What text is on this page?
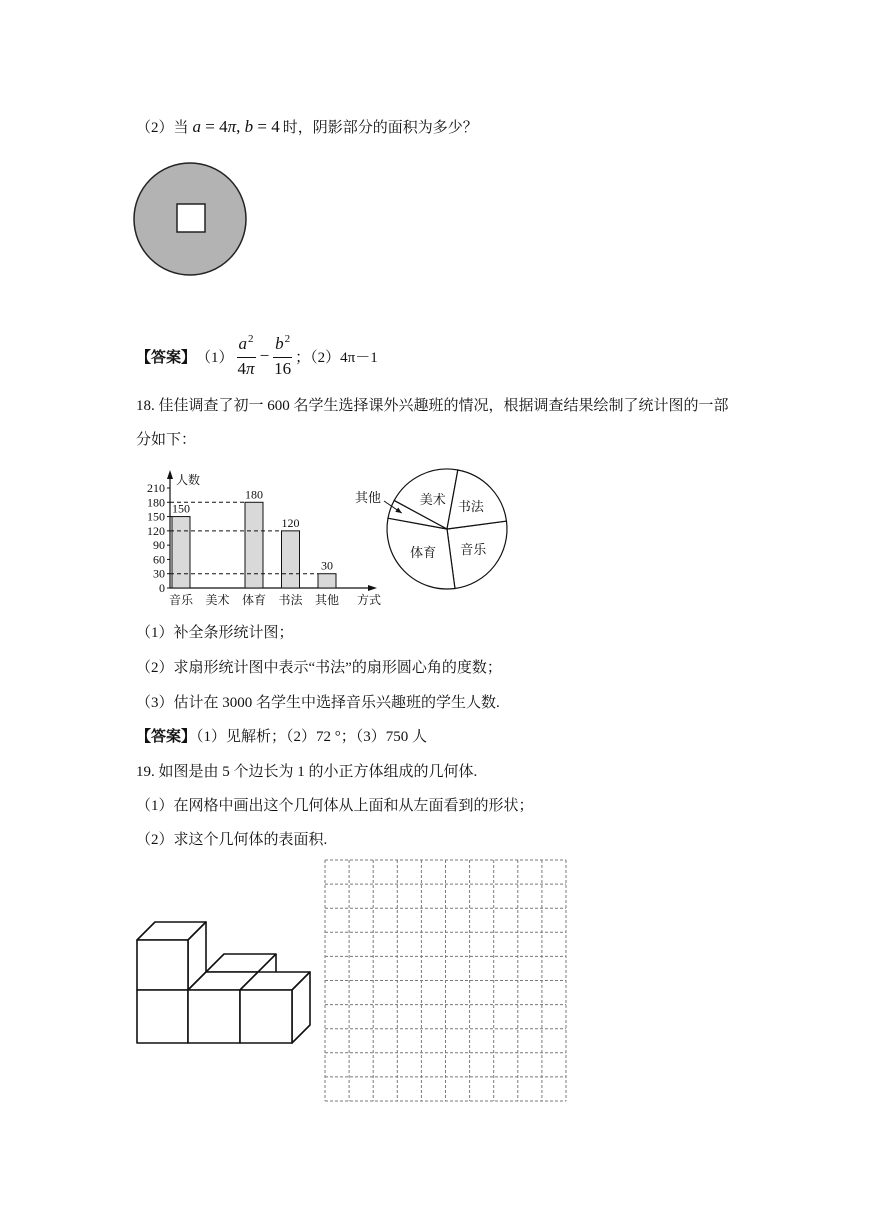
（2）当 a = 4π, b = 4 时，阴影部分的面积为多少？
【答案】 $(1) \frac{a^2}{4\pi} - \frac{b^2}{16}$ ；（2）4π－1
18. 佳佳调查了初一 600 名学生选择课外兴趣班的情况，根据调查结果绘制了统计图的一部
分如下：
人数
方式
0
30
60
90
120
150
180
210
音乐
150
美术 体育
180
书法
120
其他
30
音乐
体育
其他	美术 书法
（1）补全条形统计图；
（2）求扇形统计图中表示“书法”的扇形圆心角的度数；
（3）估计在 3000 名学生中选择音乐兴趣班的学生人数.
【答案】（1）见解析；（2）72 °；（3）750 人
19. 如图是由 5 个边长为 1 的小正方体组成的几何体.
（1）在网格中画出这个几何体从上面和从左面看到的形状；
（2）求这个几何体的表面积.
